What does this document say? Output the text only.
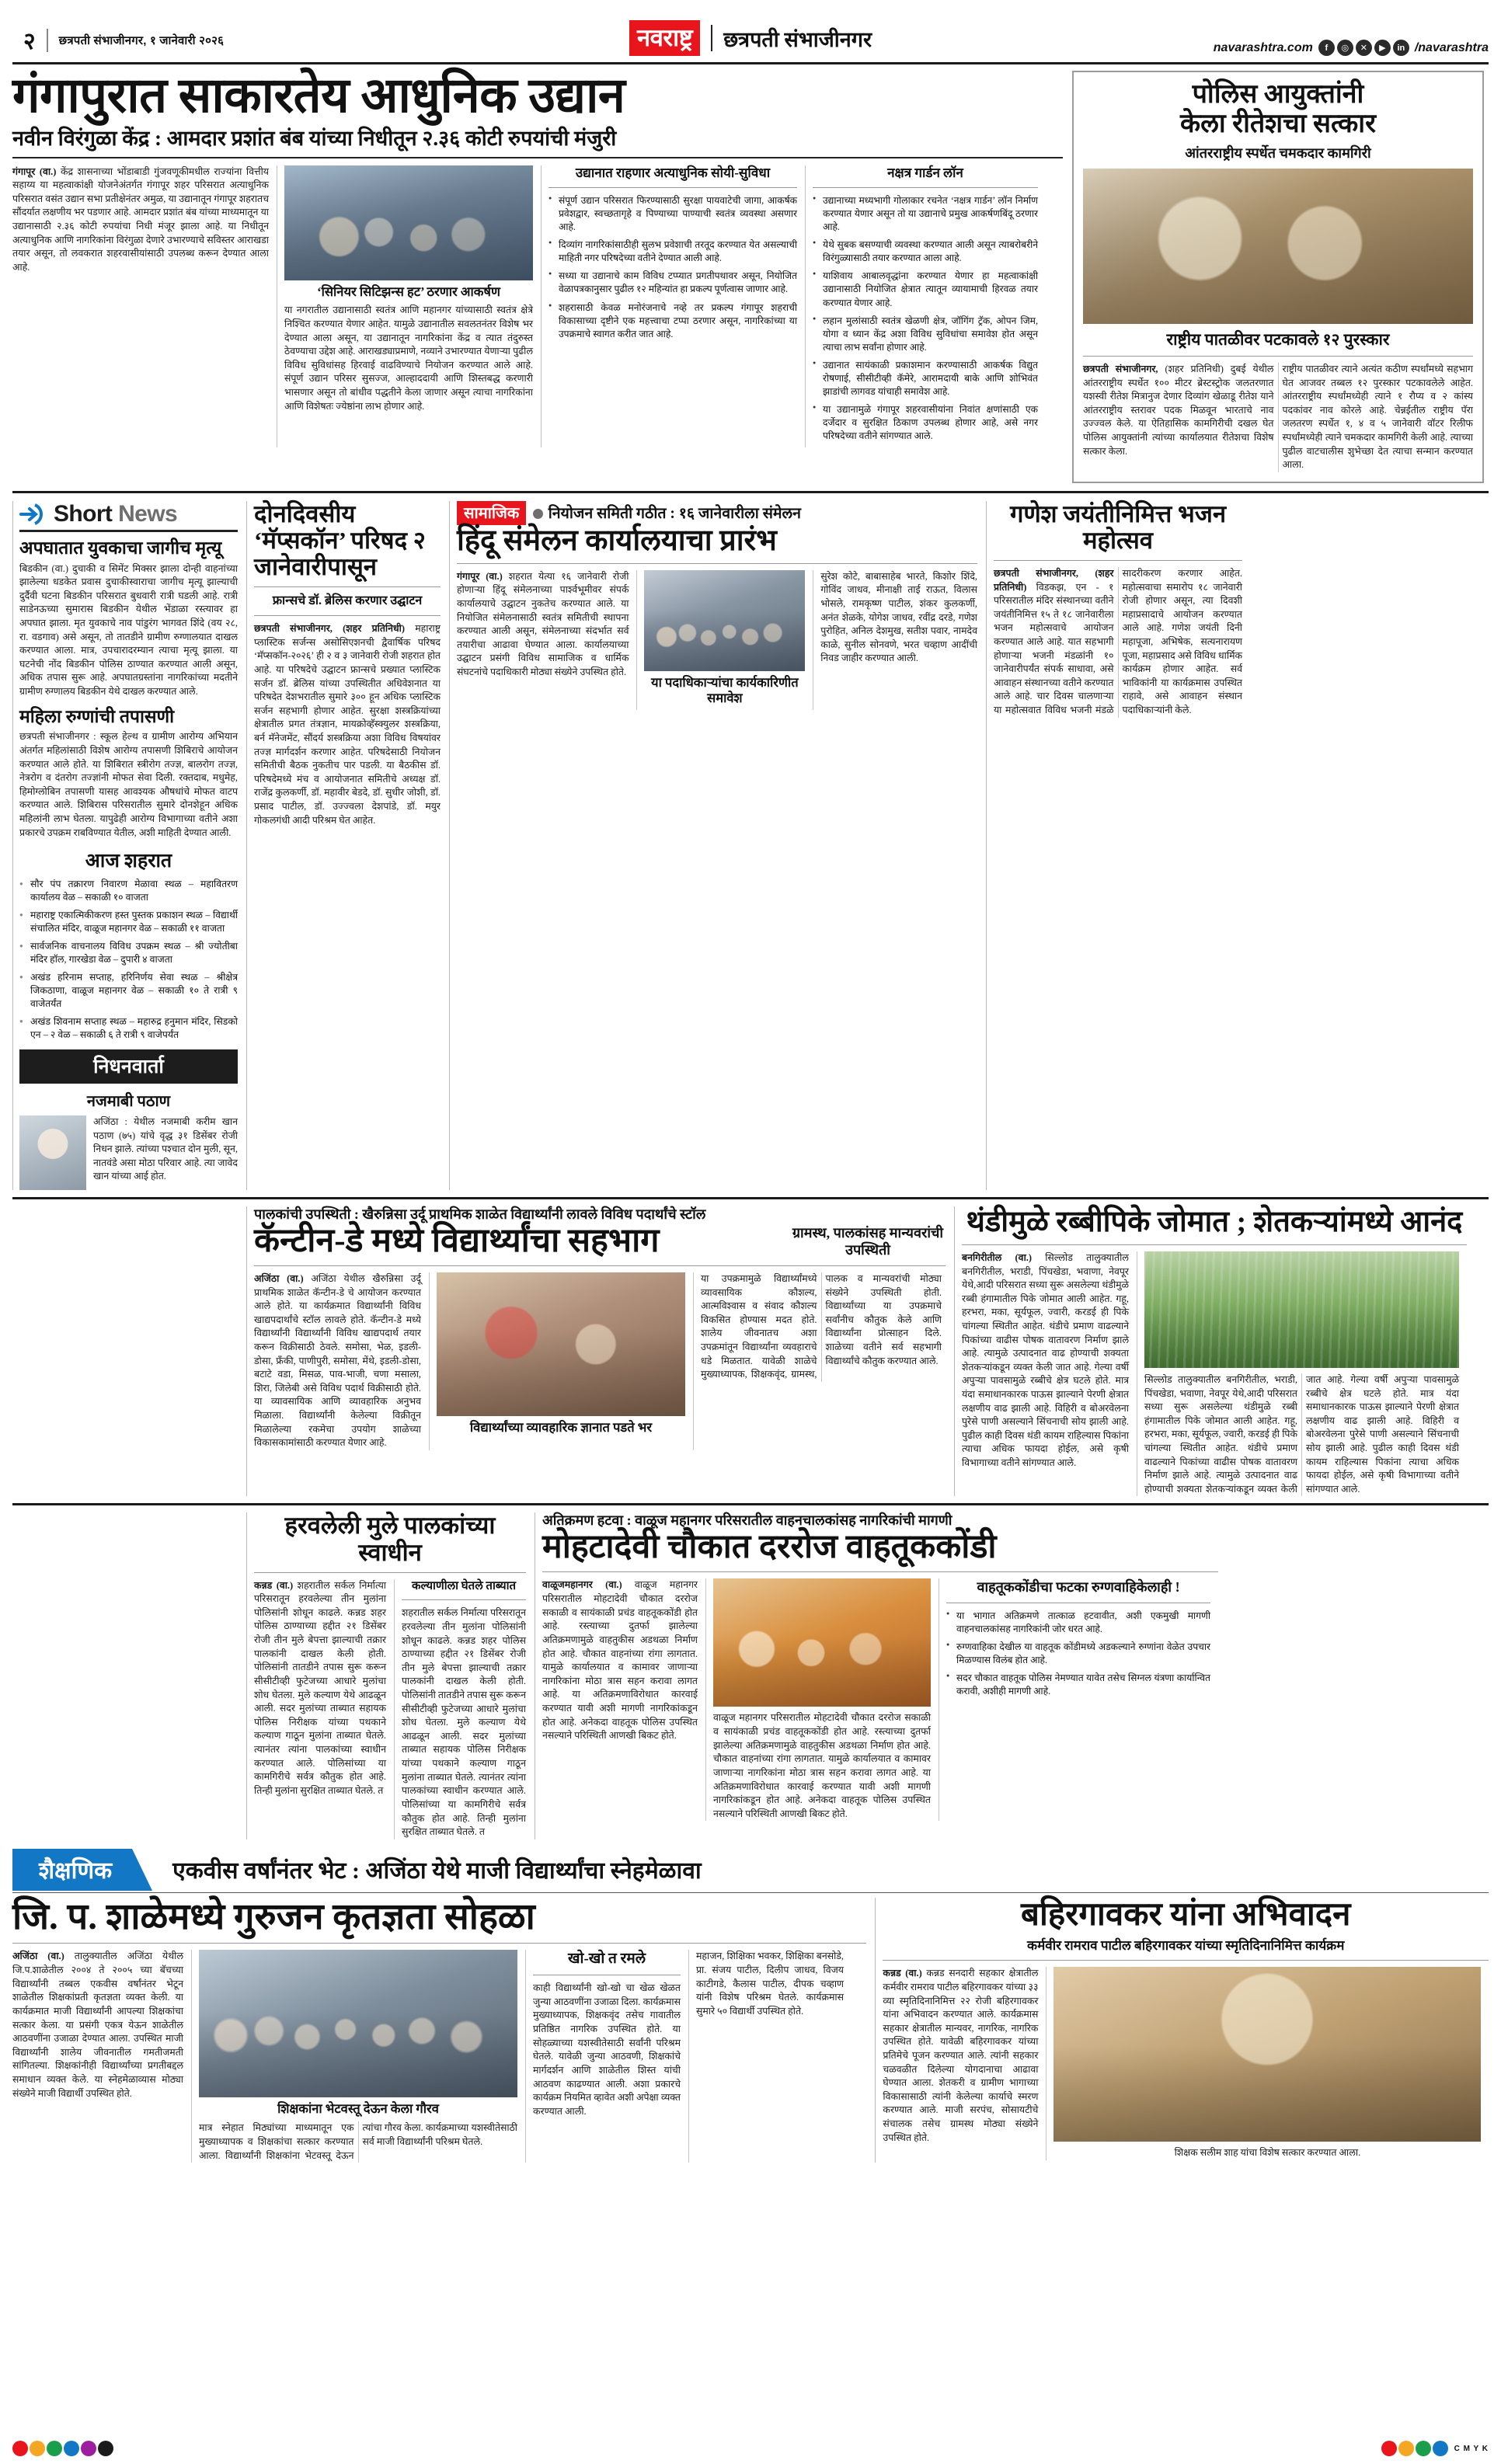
२ छत्रपती संभाजीनगर, १ जानेवारी २०२६	नवराष्ट्र	छत्रपती संभाजीनगर	navarashtra.com	f	◎	✕	▶	in /navarashtra
गंगापुरात साकारतेय आधुनिक उद्यान
नवीन विरंगुळा केंद्र : आमदार प्रशांत बंब यांच्या निधीतून २.३६ कोटी रुपयांची मंजुरी
गंगापूर (वा.) केंद्र शासनाच्या भोंडाबाडी गुंजवणूकीमधील राज्यांना वित्तीय सहाय्य या महत्वाकांक्षी योजनेअंतर्गत गंगापूर शहर परिसरात अत्याधुनिक परिसरात वसंत उद्यान सभा प्रतीक्षेनंतर अमुळ, या उद्यानातून गंगापूर शहरातच सौंदर्यात लक्षणीय भर पडणार आहे. आमदार प्रशांत बंब यांच्या माध्यमातून या उद्यानासाठी २.३६ कोटी रुपयांचा निधी मंजूर झाला आहे. या निधीतून अत्याधुनिक आणि नागरिकांना विरंगुळा देणारे उभारण्याचे सविस्तर आराखडा तयार असून, तो लवकरात शहरवासीयांसाठी उपलब्ध करून देण्यात आला आहे.
‘सिनियर सिटिझन्स हट’ ठरणार आकर्षण
या नगरातील उद्यानासाठी स्वतंत्र आणि महानगर यांच्यासाठी स्वतंत्र क्षेत्रे निश्चित करण्यात येणार आहेत. यामुळे उद्यानातील सवलतनंतर विशेष भर देण्यात आला असून, या उद्यानातून नागरिकांना केंद्र व त्यात तंदुरुस्त ठेवण्याचा उद्देश आहे. आराखड्याप्रमाणे, नव्याने उभारण्यात येणाऱ्या पुढील विविध सुविधांसह हिरवाई वाढविण्याचे नियोजन करण्यात आले आहे. संपूर्ण उद्यान परिसर सुसज्ज, आल्हाददायी आणि शिस्तबद्ध करणारी भासणार असून तो बांधीव पद्धतीने केला जाणार असून त्याचा नागरिकांना आणि विशेषतः ज्येष्ठांना लाभ होणार आहे.
उद्यानात राहणार अत्याधुनिक सोयी-सुविधा
● संपूर्ण उद्यान परिसरात फिरण्यासाठी सुरक्षा पायवाटेची जागा, आकर्षक प्रवेशद्वार, स्वच्छतागृहे व पिण्याच्या पाण्याची स्वतंत्र व्यवस्था असणार आहे.
● दिव्यांग नागरिकांसाठीही सुलभ प्रवेशाची तरतूद करण्यात येत असल्याची माहिती नगर परिषदेच्या वतीने देण्यात आली आहे.
● सध्या या उद्यानाचे काम विविध टप्प्यात प्रगतीपथावर असून, नियोजित वेळापत्रकानुसार पुढील १२ महिन्यांत हा प्रकल्प पूर्णत्वास जाणार आहे.
● शहरासाठी केवळ मनोरंजनाचे नव्हे तर प्रकल्प गंगापूर शहराची विकासाच्या दृष्टीने एक महत्त्वाचा टप्पा ठरणार असून, नागरिकांच्या या उपक्रमाचे स्वागत करीत जात आहे.
नक्षत्र गार्डन लॉन
● उद्यानाच्या मध्यभागी गोलाकार रचनेत ‘नक्षत्र गार्डन’ लॉन निर्माण करण्यात येणार असून तो या उद्यानाचे प्रमुख आकर्षणबिंदू ठरणार आहे.
● येथे सुबक बसण्याची व्यवस्था करण्यात आली असून त्याबरोबरीने विरंगुळ्यासाठी तयार करण्यात आला आहे.
● याशिवाय आबालवृद्धांना करण्यात येणार हा महत्वाकांक्षी उद्यानासाठी नियोजित क्षेत्रात त्यातून व्यायामाची हिरवळ तयार करण्यात येणार आहे.
● लहान मुलांसाठी स्वतंत्र खेळणी क्षेत्र, जॉगिंग ट्रॅक, ओपन जिम, योगा व ध्यान केंद्र अशा विविध सुविधांचा समावेश होत असून त्याचा लाभ सर्वांना होणार आहे.
● उद्यानात सायंकाळी प्रकाशमान करण्यासाठी आकर्षक विद्युत रोषणाई, सीसीटीव्ही कॅमेरे, आरामदायी बाके आणि शोभिवंत झाडांची लागवड यांचाही समावेश आहे.
● या उद्यानामुळे गंगापूर शहरवासीयांना निवांत क्षणांसाठी एक दर्जेदार व सुरक्षित ठिकाण उपलब्ध होणार आहे, असे नगर परिषदेच्या वतीने सांगण्यात आले.
पोलिस आयुक्तांनी
केला रीतेशचा सत्कार
आंतरराष्ट्रीय स्पर्धेत चमकदार कामगिरी
राष्ट्रीय पातळीवर पटकावले १२ पुरस्कार
छत्रपती संभाजीनगर, (शहर प्रतिनिधी) दुबई येथील आंतरराष्ट्रीय स्पर्धेत १०० मीटर ब्रेस्टस्ट्रोक जलतरणात यशस्वी रीतेश मित्रानुज देणार दिव्यांग खेळाडू रीतेश याने आंतरराष्ट्रीय स्तरावर पदक मिळवून भारताचे नाव उज्ज्वल केले. या ऐतिहासिक कामगिरीची दखल घेत पोलिस आयुक्तांनी त्यांच्या कार्यालयात रीतेशचा विशेष सत्कार केला.
राष्ट्रीय पातळीवर त्याने अत्यंत कठीण स्पर्धांमध्ये सहभाग घेत आजवर तब्बल १२ पुरस्कार पटकावलेले आहेत. आंतरराष्ट्रीय स्पर्धांमध्येही त्याने १ रौप्य व २ कांस्य पदकांवर नाव कोरले आहे. चेन्नईतील राष्ट्रीय पॅरा जलतरण स्पर्धेत १, ४ व ५ जानेवारी वॉटर रिलीफ स्पर्धांमध्येही त्याने चमकदार कामगिरी केली आहे. त्याच्या पुढील वाटचालीस शुभेच्छा देत त्याचा सन्मान करण्यात आला.
Short News
अपघातात युवकाचा जागीच मृत्यू
बिडकीन (वा.) दुचाकी व सिमेंट मिक्सर झाला दोन्ही वाहनांच्या झालेल्या धडकेत प्रवास दुचाकीस्वाराचा जागीच मृत्यू झाल्याची दुर्दैवी घटना बिडकीन परिसरात बुधवारी रात्री घडली आहे. रात्री साडेनऊच्या सुमारास बिडकीन येथील भेंडाळा रस्त्यावर हा अपघात झाला. मृत युवकाचे नाव पांडुरंग भागवत शिंदे (वय २८, रा. वडगाव) असे असून, तो तातडीने ग्रामीण रुग्णालयात दाखल करण्यात आला. मात्र, उपचारादरम्यान त्याचा मृत्यू झाला. या घटनेची नोंद बिडकीन पोलिस ठाण्यात करण्यात आली असून, अधिक तपास सुरू आहे. अपघातग्रस्तांना नागरिकांच्या मदतीने ग्रामीण रुग्णालय बिडकीन येथे दाखल करण्यात आले.
महिला रुग्णांची तपासणी
छत्रपती संभाजीनगर : स्कूल हेल्थ व ग्रामीण आरोग्य अभियान अंतर्गत महिलांसाठी विशेष आरोग्य तपासणी शिबिराचे आयोजन करण्यात आले होते. या शिबिरात स्त्रीरोग तज्ज्ञ, बालरोग तज्ज्ञ, नेत्ररोग व दंतरोग तज्ज्ञांनी मोफत सेवा दिली. रक्तदाब, मधुमेह, हिमोग्लोबिन तपासणी यासह आवश्यक औषधांचे मोफत वाटप करण्यात आले. शिबिरास परिसरातील सुमारे दोनशेहून अधिक महिलांनी लाभ घेतला. यापुढेही आरोग्य विभागाच्या वतीने अशा प्रकारचे उपक्रम राबविण्यात येतील, अशी माहिती देण्यात आली.
आज शहरात
● सौर पंप तक्रारण निवारण मेळावा स्थळ – महावितरण कार्यालय वेळ – सकाळी १० वाजता
● महाराष्ट्र एकात्मिकीकरण हस्त पुस्तक प्रकाशन स्थळ – विद्यार्थी संचालित मंदिर, वाळूज महानगर वेळ – सकाळी ११ वाजता
● सार्वजनिक वाचनालय विविध उपक्रम स्थळ – श्री ज्योतीबा मंदिर हॉल, गारखेडा वेळ – दुपारी ४ वाजता
● अखंड हरिनाम सप्ताह, हरिनिर्णय सेवा स्थळ – श्रीक्षेत्र जिकठाणा, वाळूज महानगर वेळ – सकाळी १० ते रात्री ९ वाजेतर्यंत
● अखंड शिवनाम सप्ताह स्थळ – महारुद्र हनुमान मंदिर, सिडको एन – २ वेळ – सकाळी ६ ते रात्री ९ वाजेपर्यंत
निधनवार्ता
नजमाबी पठाण
अजिंठा : येथील नजमाबी करीम खान पठाण (७५) यांचे वृद्ध ३१ डिसेंबर रोजी निधन झाले. त्यांच्या पश्चात दोन मुली, सून, नातवंडे असा मोठा परिवार आहे. त्या जावेद खान यांच्या आई होत.
दोनदिवसीय ‘मॅप्सकॉन’ परिषद २ जानेवारीपासून
फ्रान्सचे डॉ. ब्रेलिस करणार उद्घाटन
छत्रपती संभाजीनगर, (शहर प्रतिनिधी) महाराष्ट्र प्लास्टिक सर्जन्स असोसिएशनची द्वैवार्षिक परिषद ‘मॅप्सकॉन-२०२६’ ही २ व ३ जानेवारी रोजी शहरात होत आहे. या परिषदेचे उद्घाटन फ्रान्सचे प्रख्यात प्लास्टिक सर्जन डॉ. ब्रेलिस यांच्या उपस्थितीत अधिवेशनात या परिषदेत देशभरातील सुमारे ३०० हून अधिक प्लास्टिक सर्जन सहभागी होणार आहेत. सुरक्षा शस्त्रक्रियांच्या क्षेत्रातील प्रगत तंत्रज्ञान, मायक्रोव्हॅस्क्युलर शस्त्रक्रिया, बर्न मॅनेजमेंट, सौंदर्य शस्त्रक्रिया अशा विविध विषयांवर तज्ज्ञ मार्गदर्शन करणार आहेत. परिषदेसाठी नियोजन समितीची बैठक नुकतीच पार पडली. या बैठकीस डॉ. परिषदेमध्ये मंच व आयोजनात समितीचे अध्यक्ष डॉ. राजेंद्र कुलकर्णी, डॉ. महावीर बेडदे, डॉ. सुधीर जोशी, डॉ. प्रसाद पाटील, डॉ. उज्ज्वला देशपांडे, डॉ. मयुर गोकलगंधी आदी परिश्रम घेत आहेत.
सामाजिक नियोजन समिती गठीत : १६ जानेवारीला संमेलन
हिंदू संमेलन कार्यालयाचा प्रारंभ
गंगापूर (वा.) शहरात येत्या १६ जानेवारी रोजी होणाऱ्या हिंदू संमेलनाच्या पार्श्वभूमीवर संपर्क कार्यालयाचे उद्घाटन नुकतेच करण्यात आले. या नियोजित संमेलनासाठी स्वतंत्र समितीची स्थापना करण्यात आली असून, संमेलनाच्या संदर्भात सर्व तयारीचा आढावा घेण्यात आला. कार्यालयाच्या उद्घाटन प्रसंगी विविध सामाजिक व धार्मिक संघटनांचे पदाधिकारी मोठ्या संख्येने उपस्थित होते.
या पदाधिकाऱ्यांचा कार्यकारिणीत समावेश
सुरेश कोटे, बाबासाहेब भारते, किशोर शिंदे, गोविंद जाधव, मीनाक्षी ताई राऊत, विलास भोसले, रामकृष्ण पाटील, शंकर कुलकर्णी, अनंत शेळके, योगेश जाधव, रवींद्र दरडे, गणेश पुरोहित, अनिल देशमुख, सतीश पवार, नामदेव काळे, सुनील सोनवणे, भरत चव्हाण आदींची निवड जाहीर करण्यात आली.
गणेश जयंतीनिमित्त भजन महोत्सव
छत्रपती संभाजीनगर, (शहर प्रतिनिधी) विडकझ, एन - १ परिसरातील मंदिर संस्थानच्या वतीने जयंतीनिमित्त १५ ते १८ जानेवारीला भजन महोत्सवाचे आयोजन करण्यात आले आहे. यात सहभागी होणाऱ्या भजनी मंडळांनी १० जानेवारीपर्यंत संपर्क साधावा, असे आवाहन संस्थानच्या वतीने करण्यात आले आहे. चार दिवस चालणाऱ्या या महोत्सवात विविध भजनी मंडळे सादरीकरण करणार आहेत. महोत्सवाचा समारोप १८ जानेवारी रोजी होणार असून, त्या दिवशी महाप्रसादाचे आयोजन करण्यात आले आहे. गणेश जयंती दिनी महापूजा, अभिषेक, सत्यनारायण पूजा, महाप्रसाद असे विविध धार्मिक कार्यक्रम होणार आहेत. सर्व भाविकांनी या कार्यक्रमास उपस्थित राहावे, असे आवाहन संस्थान पदाधिकाऱ्यांनी केले.
पालकांची उपस्थिती : खैरुन्निसा उर्दू प्राथमिक शाळेत विद्यार्थ्यांनी लावले विविध पदार्थांचे स्टॉल
कॅन्टीन-डे मध्ये विद्यार्थ्यांचा सहभाग	ग्रामस्थ, पालकांसह मान्यवरांची उपस्थिती
अजिंठा (वा.) अजिंठा येथील खैरुन्निसा उर्दू प्राथमिक शाळेत कॅन्टीन-डे चे आयोजन करण्यात आले होते. या कार्यक्रमात विद्यार्थ्यांनी विविध खाद्यपदार्थांचे स्टॉल लावले होते. कॅन्टीन-डे मध्ये विद्यार्थ्यांनी विद्यार्थ्यांनी विविध खाद्यपदार्थ तयार करून विक्रीसाठी ठेवले. समोसा, भेळ, इडली-डोसा, फ्रँकी, पाणीपुरी, समोसा, मेंथे, इडली-डोसा, बटाटे वडा, मिसळ, पाव-भाजी, चणा मसाला, शिरा, जिलेबी असे विविध पदार्थ विक्रीसाठी होते. या व्यावसायिक आणि व्यावहारिक अनुभव मिळाला. विद्यार्थ्यांनी केलेल्या विक्रीतून मिळालेल्या रकमेचा उपयोग शाळेच्या विकासकामांसाठी करण्यात येणार आहे.
विद्यार्थ्यांच्या व्यावहारिक ज्ञानात पडते भर
या उपक्रमामुळे विद्यार्थ्यांमध्ये व्यावसायिक कौशल्य, आत्मविश्वास व संवाद कौशल्य विकसित होण्यास मदत होते. शालेय जीवनातच अशा उपक्रमांतून विद्यार्थ्यांना व्यवहाराचे धडे मिळतात. यावेळी शाळेचे मुख्याध्यापक, शिक्षकवृंद, ग्रामस्थ, पालक व मान्यवरांची मोठ्या संख्येने उपस्थिती होती. विद्यार्थ्यांच्या या उपक्रमाचे सर्वांनीच कौतुक केले आणि विद्यार्थ्यांना प्रोत्साहन दिले. शाळेच्या वतीने सर्व सहभागी विद्यार्थ्यांचे कौतुक करण्यात आले.
थंडीमुळे रब्बीपिके जोमात ; शेतकऱ्यांमध्ये आनंद
बनगिरीतील (वा.) सिल्लोड तालुक्यातील बनगिरीतील, भराडी, पिंचखेडा, भवाणा, नेवपूर येथे,आदी परिसरात सध्या सुरू असलेल्या थंडीमुळे रब्बी हंगामातील पिके जोमात आली आहेत. गहू, हरभरा, मका, सूर्यफूल, ज्वारी, करडई ही पिके चांगल्या स्थितीत आहेत. थंडीचे प्रमाण वाढल्याने पिकांच्या वाढीस पोषक वातावरण निर्माण झाले आहे. त्यामुळे उत्पादनात वाढ होण्याची शक्यता शेतकऱ्यांकडून व्यक्त केली जात आहे. गेल्या वर्षी अपुऱ्या पावसामुळे रब्बीचे क्षेत्र घटले होते. मात्र यंदा समाधानकारक पाऊस झाल्याने पेरणी क्षेत्रात लक्षणीय वाढ झाली आहे. विहिरी व बोअरवेलना पुरेसे पाणी असल्याने सिंचनाची सोय झाली आहे. पुढील काही दिवस थंडी कायम राहिल्यास पिकांना त्याचा अधिक फायदा होईल, असे कृषी विभागाच्या वतीने सांगण्यात आले.
सिल्लोड तालुक्यातील बनगिरीतील, भराडी, पिंचखेडा, भवाणा, नेवपूर येथे,आदी परिसरात सध्या सुरू असलेल्या थंडीमुळे रब्बी हंगामातील पिके जोमात आली आहेत. गहू, हरभरा, मका, सूर्यफूल, ज्वारी, करडई ही पिके चांगल्या स्थितीत आहेत. थंडीचे प्रमाण वाढल्याने पिकांच्या वाढीस पोषक वातावरण निर्माण झाले आहे. त्यामुळे उत्पादनात वाढ होण्याची शक्यता शेतकऱ्यांकडून व्यक्त केली जात आहे. गेल्या वर्षी अपुऱ्या पावसामुळे रब्बीचे क्षेत्र घटले होते. मात्र यंदा समाधानकारक पाऊस झाल्याने पेरणी क्षेत्रात लक्षणीय वाढ झाली आहे. विहिरी व बोअरवेलना पुरेसे पाणी असल्याने सिंचनाची सोय झाली आहे. पुढील काही दिवस थंडी कायम राहिल्यास पिकांना त्याचा अधिक फायदा होईल, असे कृषी विभागाच्या वतीने सांगण्यात आले.
हरवलेली मुले पालकांच्या स्वाधीन
कन्नड (वा.) शहरातील सर्कल निर्मात्या परिसरातून हरवलेल्या तीन मुलांना पोलिसांनी शोधून काढले. कन्नड शहर पोलिस ठाण्याच्या हद्दीत २१ डिसेंबर रोजी तीन मुले बेपत्ता झाल्याची तक्रार पालकांनी दाखल केली होती. पोलिसांनी तातडीने तपास सुरू करून सीसीटीव्ही फुटेजच्या आधारे मुलांचा शोध घेतला. मुले कल्याण येथे आढळून आली. सदर मुलांच्या ताब्यात सहायक पोलिस निरीक्षक यांच्या पथकाने कल्याण गाठून मुलांना ताब्यात घेतले. त्यानंतर त्यांना पालकांच्या स्वाधीन करण्यात आले. पोलिसांच्या या कामगिरीचे सर्वत्र कौतुक होत आहे. तिन्ही मुलांना सुरक्षित ताब्यात घेतले. त
कल्याणीला घेतले ताब्यात
शहरातील सर्कल निर्मात्या परिसरातून हरवलेल्या तीन मुलांना पोलिसांनी शोधून काढले. कन्नड शहर पोलिस ठाण्याच्या हद्दीत २१ डिसेंबर रोजी तीन मुले बेपत्ता झाल्याची तक्रार पालकांनी दाखल केली होती. पोलिसांनी तातडीने तपास सुरू करून सीसीटीव्ही फुटेजच्या आधारे मुलांचा शोध घेतला. मुले कल्याण येथे आढळून आली. सदर मुलांच्या ताब्यात सहायक पोलिस निरीक्षक यांच्या पथकाने कल्याण गाठून मुलांना ताब्यात घेतले. त्यानंतर त्यांना पालकांच्या स्वाधीन करण्यात आले. पोलिसांच्या या कामगिरीचे सर्वत्र कौतुक होत आहे. तिन्ही मुलांना सुरक्षित ताब्यात घेतले. त
अतिक्रमण हटवा : वाळूज महानगर परिसरातील वाहनचालकांसह नागरिकांची मागणी
मोहटादेवी चौकात दररोज वाहतूककोंडी
वाळूजमहानगर (वा.) वाळूज महानगर परिसरातील मोहटादेवी चौकात दररोज सकाळी व सायंकाळी प्रचंड वाहतूककोंडी होत आहे. रस्त्याच्या दुतर्फा झालेल्या अतिक्रमणामुळे वाहतुकीस अडथळा निर्माण होत आहे. चौकात वाहनांच्या रांगा लागतात. यामुळे कार्यालयात व कामावर जाणाऱ्या नागरिकांना मोठा त्रास सहन करावा लागत आहे. या अतिक्रमणाविरोधात कारवाई करण्यात यावी अशी मागणी नागरिकांकडून होत आहे. अनेकदा वाहतूक पोलिस उपस्थित नसल्याने परिस्थिती आणखी बिकट होते.
वाळूज महानगर परिसरातील मोहटादेवी चौकात दररोज सकाळी व सायंकाळी प्रचंड वाहतूककोंडी होत आहे. रस्त्याच्या दुतर्फा झालेल्या अतिक्रमणामुळे वाहतुकीस अडथळा निर्माण होत आहे. चौकात वाहनांच्या रांगा लागतात. यामुळे कार्यालयात व कामावर जाणाऱ्या नागरिकांना मोठा त्रास सहन करावा लागत आहे. या अतिक्रमणाविरोधात कारवाई करण्यात यावी अशी मागणी नागरिकांकडून होत आहे. अनेकदा वाहतूक पोलिस उपस्थित नसल्याने परिस्थिती आणखी बिकट होते.
वाहतूककोंडीचा फटका रुग्णवाहिकेलाही !
● या भागात अतिक्रमणे तात्काळ हटवावीत, अशी एकमुखी मागणी वाहनचालकांसह नागरिकांनी जोर धरत आहे.
● रुग्णवाहिका देखील या वाहतूक कोंडीमध्ये अडकल्याने रुग्णांना वेळेत उपचार मिळण्यास विलंब होत आहे.
● सदर चौकात वाहतूक पोलिस नेमण्यात यावेत तसेच सिग्नल यंत्रणा कार्यान्वित करावी, अशीही मागणी आहे.
शैक्षणिक	एकवीस वर्षांनंतर भेट : अजिंठा येथे माजी विद्यार्थ्यांचा स्नेहमेळावा
जि. प. शाळेमध्ये गुरुजन कृतज्ञता सोहळा
अजिंठा (वा.) तालुक्यातील अजिंठा येथील जि.प.शाळेतील २००४ ते २००५ च्या बॅचच्या विद्यार्थ्यांनी तब्बल एकवीस वर्षांनंतर भेटून शाळेतील शिक्षकांप्रती कृतज्ञता व्यक्त केली. या कार्यक्रमात माजी विद्यार्थ्यांनी आपल्या शिक्षकांचा सत्कार केला. या प्रसंगी एकत्र येऊन शाळेतील आठवणींना उजाळा देण्यात आला. उपस्थित माजी विद्यार्थ्यांनी शालेय जीवनातील गमतीजमती सांगितल्या. शिक्षकांनीही विद्यार्थ्यांच्या प्रगतीबद्दल समाधान व्यक्त केले. या स्नेहमेळाव्यास मोठ्या संख्येने माजी विद्यार्थी उपस्थित होते.
शिक्षकांना भेटवस्तू देऊन केला गौरव
मात्र स्नेहात मिठ्यांच्या माध्यमातून एक मुख्याध्यापक व शिक्षकांचा सत्कार करण्यात आला. विद्यार्थ्यांनी शिक्षकांना भेटवस्तू देऊन त्यांचा गौरव केला. कार्यक्रमाच्या यशस्वीतेसाठी सर्व माजी विद्यार्थ्यांनी परिश्रम घेतले.
खो-खो त रमले
काही विद्यार्थ्यांनी खो-खो चा खेळ खेळत जुन्या आठवणींना उजाळा दिला. कार्यक्रमास मुख्याध्यापक, शिक्षकवृंद तसेच गावातील प्रतिष्ठित नागरिक उपस्थित होते. या सोहळ्याच्या यशस्वीतेसाठी सर्वांनी परिश्रम घेतले. यावेळी जुन्या आठवणी, शिक्षकांचे मार्गदर्शन आणि शाळेतील शिस्त यांची आठवण काढण्यात आली. अशा प्रकारचे कार्यक्रम नियमित व्हावेत अशी अपेक्षा व्यक्त करण्यात आली.
महाजन, शिक्षिका भवकर, शिक्षिका बनसोडे, प्रा. संजय पाटील, दिलीप जाधव, विजय काटीगडे, कैलास पाटील, दीपक चव्हाण यांनी विशेष परिश्रम घेतले. कार्यक्रमास सुमारे ५० विद्यार्थी उपस्थित होते.
बहिरगावकर यांना अभिवादन
कर्मवीर रामराव पाटील बहिरगावकर यांच्या स्मृतिदिनानिमित्त कार्यक्रम
कन्नड (वा.) कन्नड सनदारी सहकार क्षेत्रातील कर्मवीर रामराव पाटील बहिरगावकर यांच्या ३३ व्या स्मृतिदिनानिमित्त २२ रोजी बहिरगावकर यांना अभिवादन करण्यात आले. कार्यक्रमास सहकार क्षेत्रातील मान्यवर, नागरिक, नागरिक उपस्थित होते. यावेळी बहिरगावकर यांच्या प्रतिमेचे पूजन करण्यात आले. त्यांनी सहकार चळवळीत दिलेल्या योगदानाचा आढावा घेण्यात आला. शेतकरी व ग्रामीण भागाच्या विकासासाठी त्यांनी केलेल्या कार्याचे स्मरण करण्यात आले. माजी सरपंच, सोसायटीचे संचालक तसेच ग्रामस्थ मोठ्या संख्येने उपस्थित होते.
शिक्षक सलीम शाह यांचा विशेष सत्कार करण्यात आला.
C M Y K
